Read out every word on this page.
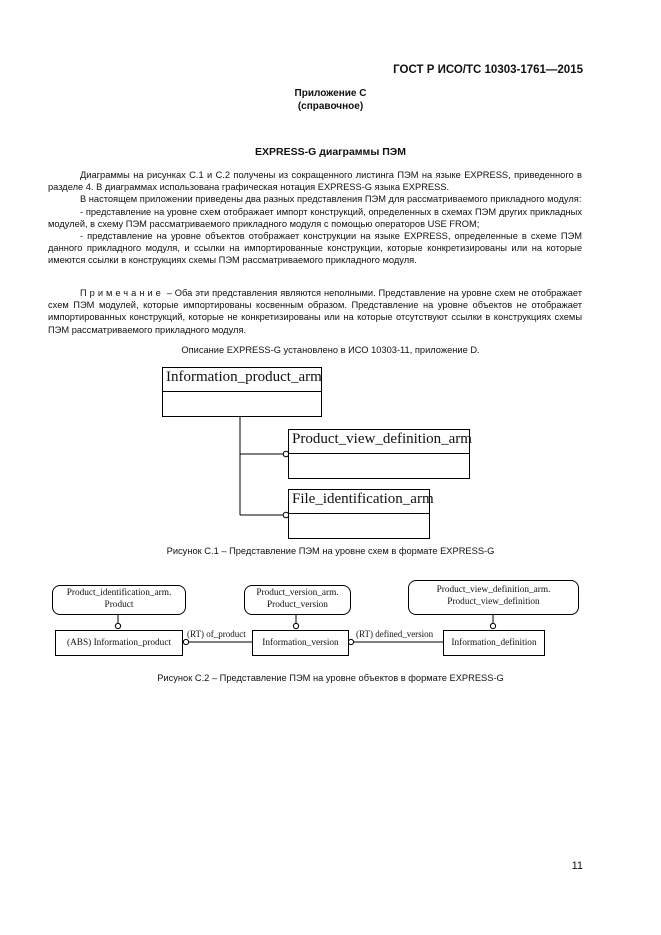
ГОСТ Р ИСО/ТС 10303-1761—2015
Приложение С
(справочное)
EXPRESS-G диаграммы ПЭМ

Диаграммы на рисунках С.1 и С.2 получены из сокращенного листинга ПЭМ на языке EXPRESS, приведенного в разделе 4. В диаграммах использована графическая нотация EXPRESS-G языка EXPRESS.

В настоящем приложении приведены два разных представления ПЭМ для рассматриваемого прикладного модуля:

- представление на уровне схем отображает импорт конструкций, определенных в схемах ПЭМ других прикладных модулей, в схему ПЭМ рассматриваемого прикладного модуля с помощью операторов USE FROM;

- представление на уровне объектов отображает конструкции на языке EXPRESS, определенные в схеме ПЭМ данного прикладного модуля, и ссылки на импортированные конструкции, которые конкретизированы или на которые имеются ссылки в конструкциях схемы ПЭМ рассматриваемого прикладного модуля.

Примечание – Оба эти представления являются неполными. Представление на уровне схем не отображает схем ПЭМ модулей, которые импортированы косвенным образом. Представление на уровне объектов не отображает импортированных конструкций, которые не конкретизированы или на которые отсутствуют ссылки в конструкциях схемы ПЭМ рассматриваемого прикладного модуля.

Описание EXPRESS-G установлено в ИСО 10303-11, приложение D.
Information_product_arm
Product_view_definition_arm
File_identification_arm
Рисунок С.1 – Представление ПЭМ на уровне схем в формате EXPRESS-G
Product_identification_arm.
Product
Product_version_arm.
Product_version
Product_view_definition_arm.
Product_view_definition
(ABS) Information_product	Information_version	Information_definition
(RT) of_product	(RT) defined_version
Рисунок С.2 – Представление ПЭМ на уровне объектов в формате EXPRESS-G
11
